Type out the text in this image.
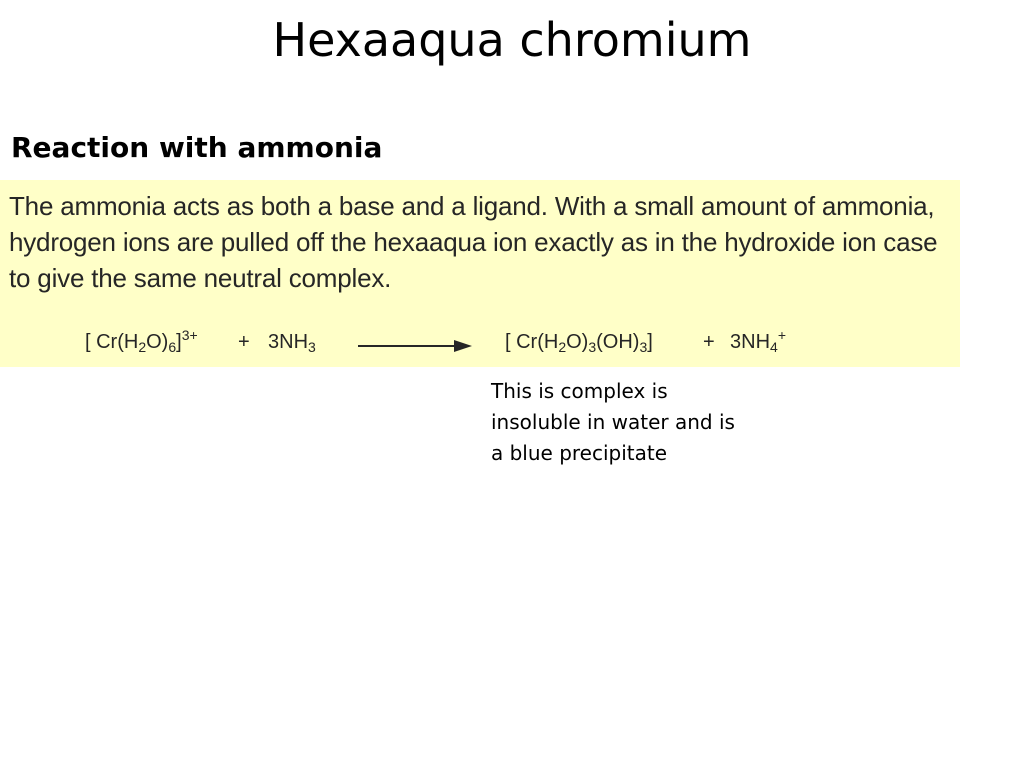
Hexaaqua chromium
Reaction with ammonia
The ammonia acts as both a base and a ligand. With a small amount of ammonia, hydrogen ions are pulled off the hexaaqua ion exactly as in the hydroxide ion case to give the same neutral complex.
[ $Cr(H_2O)_6]^{3+} + 3NH_3$	[ $Cr(H_2O)_3(OH)_3$]	+ $3NH_4^+$
This is complex is insoluble in water and is a blue precipitate
